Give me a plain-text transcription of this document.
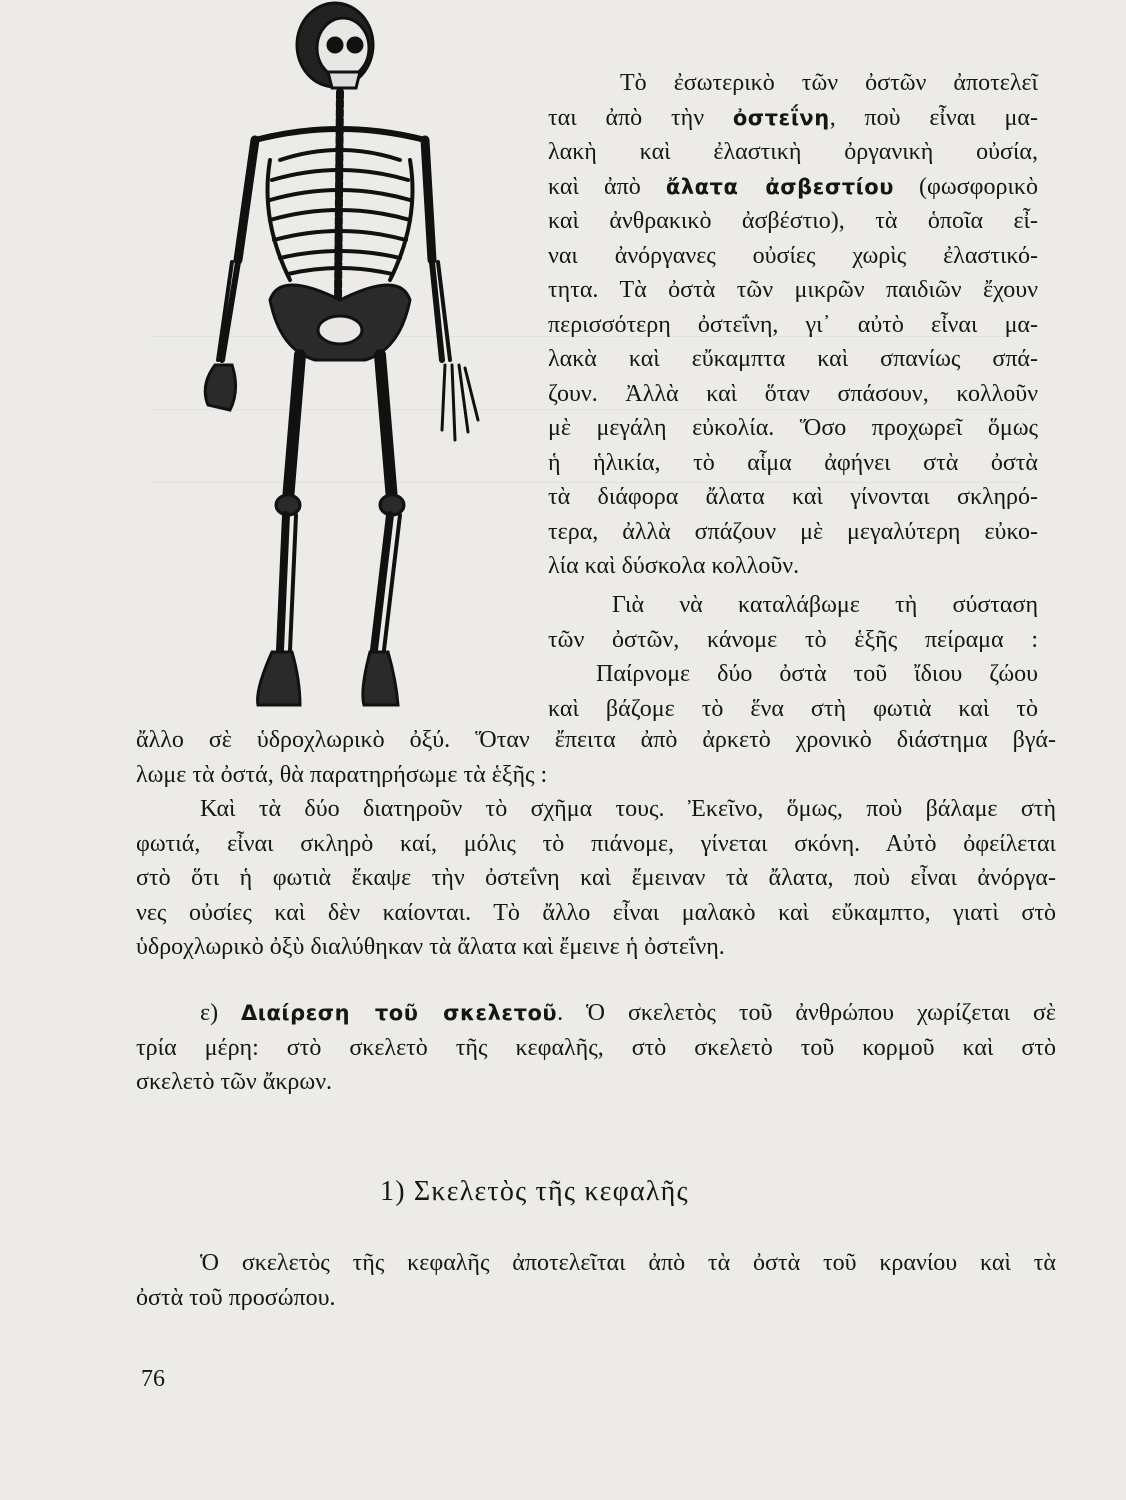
Τὸ ἐσωτερικὸ τῶν ὀστῶν ἀποτελεῖ
ται ἀπὸ τὴν ὀστεΐνη, ποὺ εἶναι μα-
λακὴ καὶ ἐλαστικὴ ὀργανικὴ οὐσία,
καὶ ἀπὸ ἄλατα ἀσβεστίου (φωσφορικὸ
καὶ ἀνθρακικὸ ἀσβέστιο), τὰ ὁποῖα εἶ-
ναι ἀνόργανες οὐσίες χωρὶς ἐλαστικό-
τητα. Τὰ ὀστὰ τῶν μικρῶν παιδιῶν ἔχουν
περισσότερη ὀστεΐνη, γι᾽ αὐτὸ εἶναι μα-
λακὰ καὶ εὔκαμπτα καὶ σπανίως σπά-
ζουν. Ἀλλὰ καὶ ὅταν σπάσουν, κολλοῦν
μὲ μεγάλη εὐκολία. Ὅσο προχωρεῖ ὅμως
ἡ ἡλικία, τὸ αἷμα ἀφήνει στὰ ὀστὰ
τὰ διάφορα ἄλατα καὶ γίνονται σκληρό-
τερα, ἀλλὰ σπάζουν μὲ μεγαλύτερη εὐκο-
λία καὶ δύσκολα κολλοῦν.
Γιὰ νὰ καταλάβωμε τὴ σύσταση
τῶν ὀστῶν, κάνομε τὸ ἑξῆς πείραμα :
Παίρνομε δύο ὀστὰ τοῦ ἴδιου ζώου
καὶ βάζομε τὸ ἕνα στὴ φωτιὰ καὶ τὸ
ἄλλο σὲ ὑδροχλωρικὸ ὀξύ. Ὅταν ἔπειτα ἀπὸ ἀρκετὸ χρονικὸ διάστημα βγά-
λωμε τὰ ὀστά, θὰ παρατηρήσωμε τὰ ἑξῆς :
Καὶ τὰ δύο διατηροῦν τὸ σχῆμα τους. Ἐκεῖνο, ὅμως, ποὺ βάλαμε στὴ
φωτιά, εἶναι σκληρὸ καί, μόλις τὸ πιάνομε, γίνεται σκόνη. Αὐτὸ ὀφείλεται
στὸ ὅτι ἡ φωτιὰ ἔκαψε τὴν ὀστεΐνη καὶ ἔμειναν τὰ ἄλατα, ποὺ εἶναι ἀνόργα-
νες οὐσίες καὶ δὲν καίονται. Τὸ ἄλλο εἶναι μαλακὸ καὶ εὔκαμπτο, γιατὶ στὸ
ὑδροχλωρικὸ ὀξὺ διαλύθηκαν τὰ ἄλατα καὶ ἔμεινε ἡ ὀστεΐνη.
ε) Διαίρεση τοῦ σκελετοῦ. Ὁ σκελετὸς τοῦ ἀνθρώπου χωρίζεται σὲ
τρία μέρη: στὸ σκελετὸ τῆς κεφαλῆς, στὸ σκελετὸ τοῦ κορμοῦ καὶ στὸ
σκελετὸ τῶν ἄκρων.
1) Σκελετὸς τῆς κεφαλῆς
Ὁ σκελετὸς τῆς κεφαλῆς ἀποτελεῖται ἀπὸ τὰ ὀστὰ τοῦ κρανίου καὶ τὰ
ὀστὰ τοῦ προσώπου.
76
